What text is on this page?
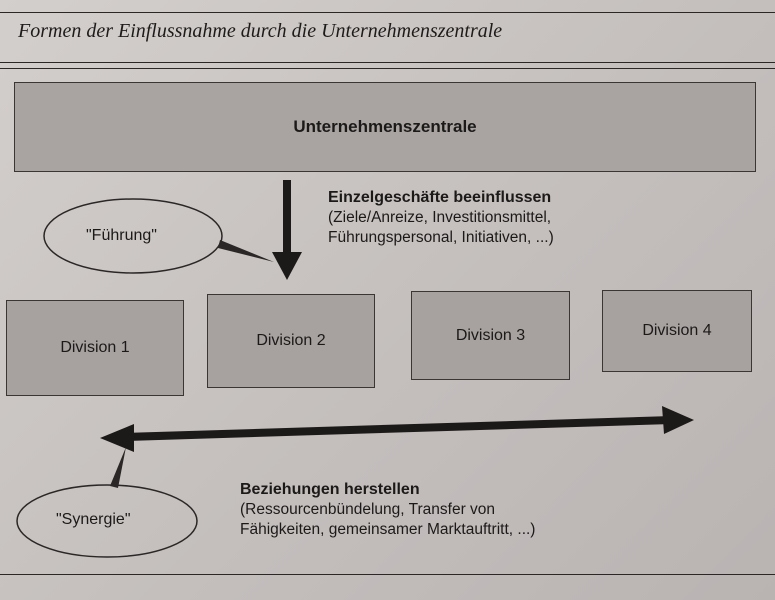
Formen der Einflussnahme durch die Unternehmenszentrale
Unternehmenszentrale
Division 1	Division 2	Division 3	Division 4
"Führung"
Einzelgeschäfte beeinflussen
(Ziele/Anreize, Investitionsmittel,
Führungspersonal, Initiativen, ...)
"Synergie"
Beziehungen herstellen
(Ressourcenbündelung, Transfer von
Fähigkeiten, gemeinsamer Marktauftritt, ...)
